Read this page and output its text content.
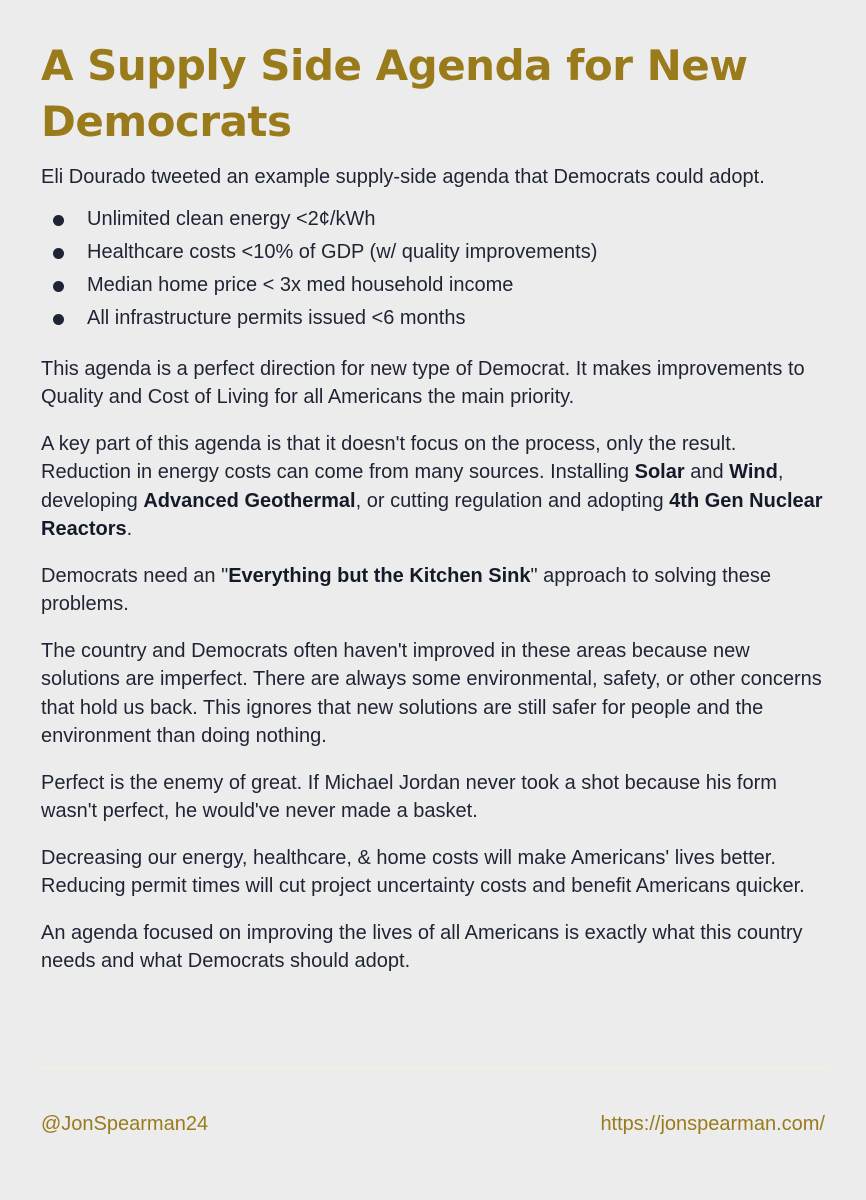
A Supply Side Agenda for New Democrats

Eli Dourado tweeted an example supply-side agenda that Democrats could adopt.

Unlimited clean energy <2¢/kWh
Healthcare costs <10% of GDP (w/ quality improvements)
Median home price < 3x med household income
All infrastructure permits issued <6 months

This agenda is a perfect direction for new type of Democrat. It makes improvements to Quality and Cost of Living for all Americans the main priority.

A key part of this agenda is that it doesn't focus on the process, only the result. Reduction in energy costs can come from many sources. Installing Solar and Wind, developing Advanced Geothermal, or cutting regulation and adopting 4th Gen Nuclear Reactors.

Democrats need an "Everything but the Kitchen Sink" approach to solving these problems.

The country and Democrats often haven't improved in these areas because new solutions are imperfect. There are always some environmental, safety, or other concerns that hold us back. This ignores that new solutions are still safer for people and the environment than doing nothing.

Perfect is the enemy of great. If Michael Jordan never took a shot because his form wasn't perfect, he would've never made a basket.

Decreasing our energy, healthcare, & home costs will make Americans' lives better. Reducing permit times will cut project uncertainty costs and benefit Americans quicker.

An agenda focused on improving the lives of all Americans is exactly what this country needs and what Democrats should adopt.

@JonSpearman24	https://jonspearman.com/
